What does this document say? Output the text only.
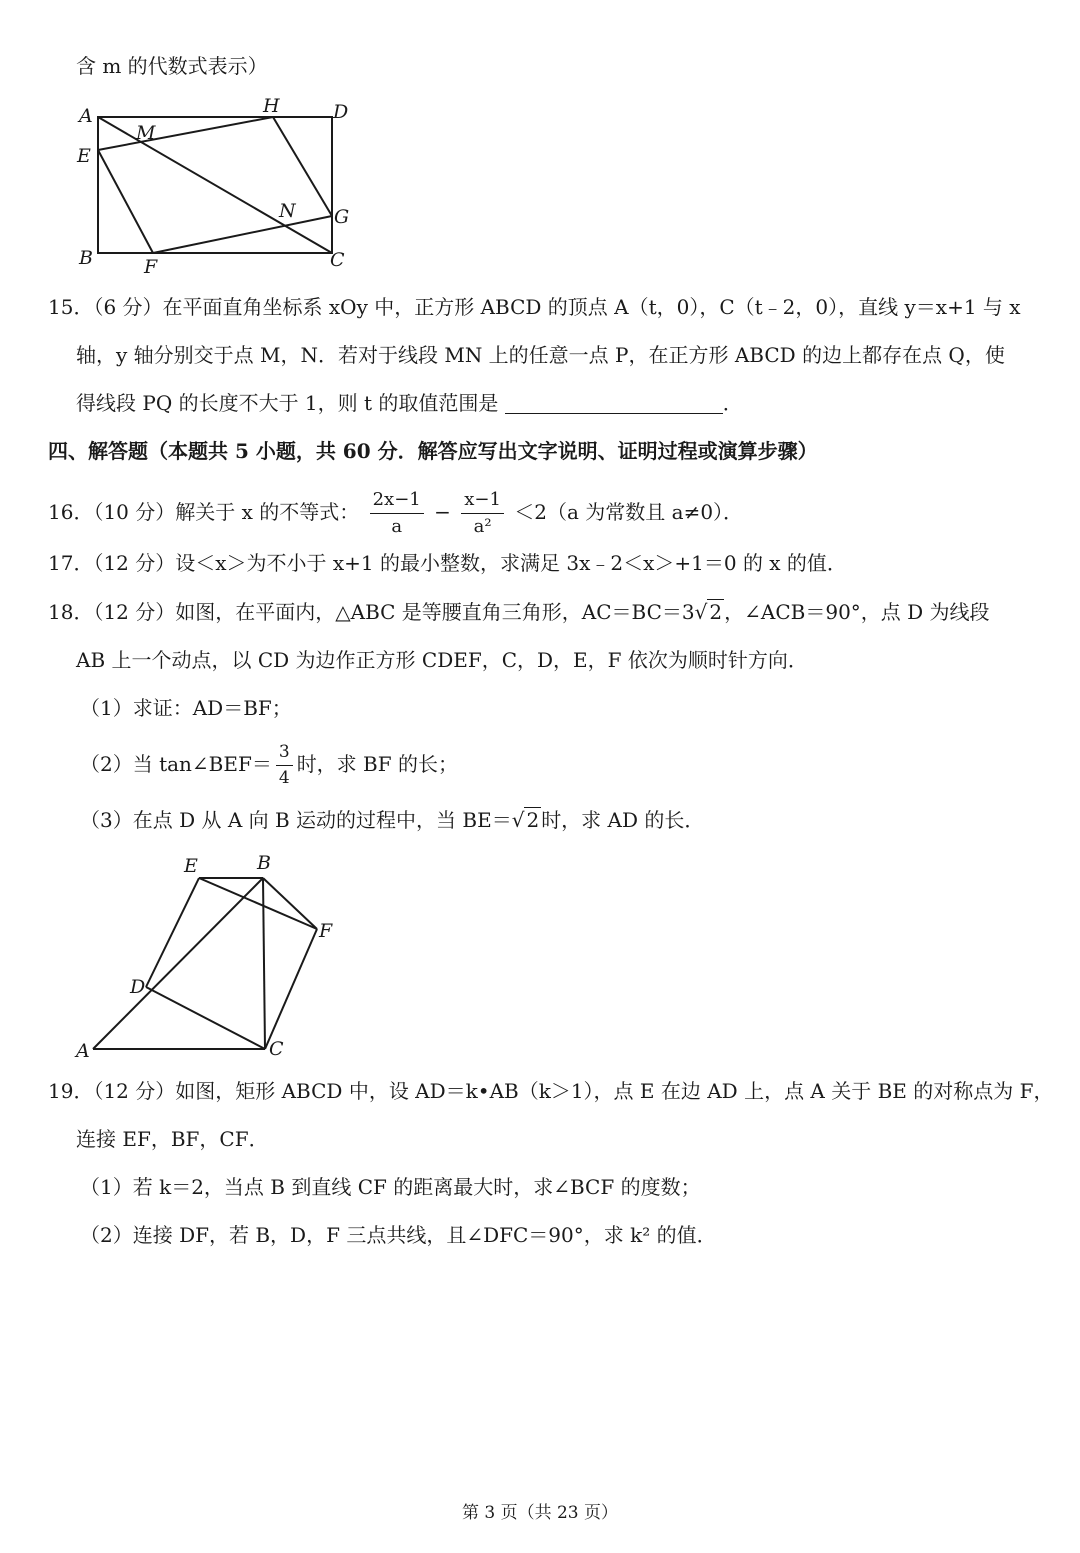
含 m 的代数式表示）
A	H	D
M
E
N G
B	F	C
15．（6 分）在平面直角坐标系 xOy 中，正方形 ABCD 的顶点 A（t，0），C（t﹣2，0），直线 y＝x+1 与 x
轴，y 轴分别交于点 M，N．若对于线段 MN 上的任意一点 P，在正方形 ABCD 的边上都存在点 Q，使
得线段 PQ 的长度不大于 1，则 t 的取值范围是	．
四、解答题（本题共 5 小题，共 60 分．解答应写出文字说明、证明过程或演算步骤）
16．（10 分）解关于 x 的不等式： $\frac{2x-1}{a} - \frac{x-1}{\text{a²}} <2(a$ 为常数且 a≠0）．
17．（12 分）设＜x＞为不小于 x+1 的最小整数，求满足 3x﹣2＜x＞+1＝0 的 x 的值．
18．（12 分）如图，在平面内，△ABC 是等腰直角三角形，AC＝BC＝3√ 2 ，∠ACB＝90°，点 D 为线段
AB 上一个动点，以 CD 为边作正方形 CDEF，C，D，E，F 依次为顺时针方向．
（1）求证：AD＝BF；
（2）当 tan∠BEF＝ $\frac{3}{4}$ 时，求 BF 的长；
（3）在点 D 从 A 向 B 运动的过程中，当 BE＝√ 2 时，求 AD 的长．
E	B
F
D
A	C
19．（12 分）如图，矩形 ABCD 中，设 AD＝k•AB（k＞1），点 E 在边 AD 上，点 A 关于 BE 的对称点为 F，
连接 EF，BF，CF．
（1）若 k＝2，当点 B 到直线 CF 的距离最大时，求∠BCF 的度数；
（2）连接 DF，若 B，D，F 三点共线，且∠DFC＝90°，求 k² 的值．
第 3 页（共 23 页）
